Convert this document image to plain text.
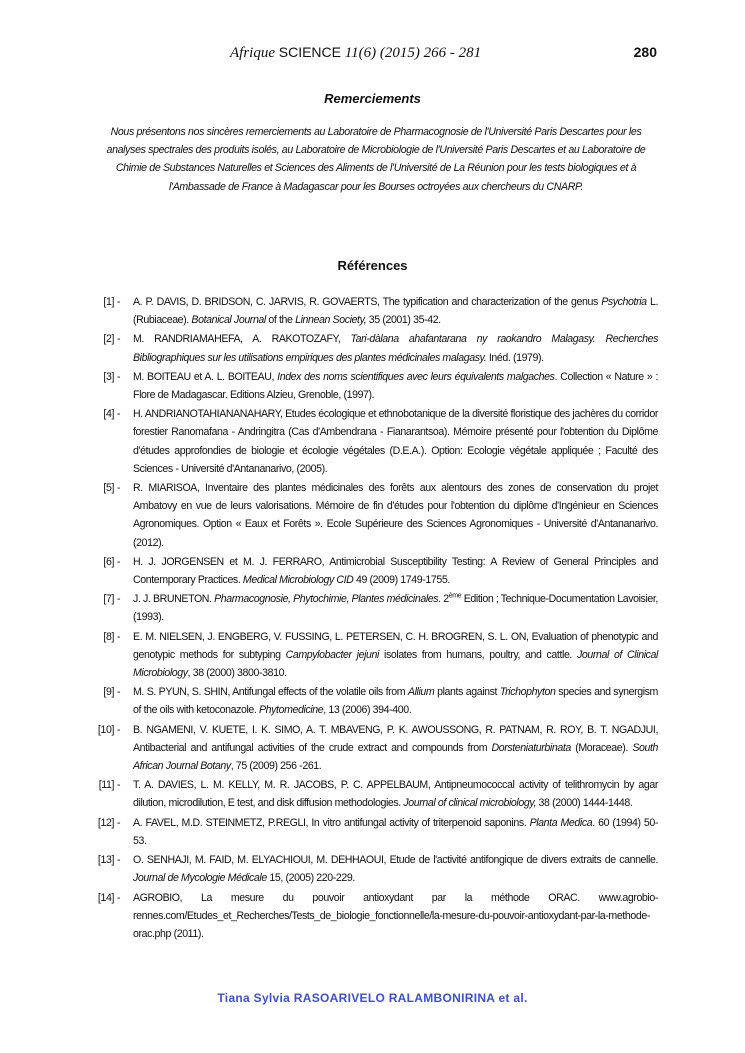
Afrique SCIENCE 11(6) (2015) 266 - 281	280
Remerciements
Nous présentons nos sincères remerciements au Laboratoire de Pharmacognosie de l'Université Paris Descartes pour les analyses spectrales des produits isolés, au Laboratoire de Microbiologie de l'Université Paris Descartes et au Laboratoire de Chimie de Substances Naturelles et Sciences des Aliments de l'Université de La Réunion pour les tests biologiques et à l'Ambassade de France à Madagascar pour les Bourses octroyées aux chercheurs du CNARP.
Références
[1] - A. P. DAVIS, D. BRIDSON, C. JARVIS, R. GOVAERTS, The typification and characterization of the genus Psychotria L. (Rubiaceae). Botanical Journal of the Linnean Society, 35 (2001) 35-42.
[2] - M. RANDRIAMAHEFA, A. RAKOTOZAFY, Tari-dàlana ahafantarana ny raokandro Malagasy. Recherches Bibliographiques sur les utilisations empiriques des plantes médicinales malagasy. Inéd. (1979).
[3] - M. BOITEAU et A. L. BOITEAU, Index des noms scientifiques avec leurs équivalents malgaches. Collection « Nature » : Flore de Madagascar. Editions Alzieu, Grenoble, (1997).
[4] - H. ANDRIANOTAHIANANAHARY, Etudes écologique et ethnobotanique de la diversité floristique des jachères du corridor forestier Ranomafana - Andringitra (Cas d'Ambendrana - Fianarantsoa). Mémoire présenté pour l'obtention du Diplôme d'études approfondies de biologie et écologie végétales (D.E.A.). Option: Ecologie végétale appliquée ; Faculté des Sciences - Université d'Antananarivo, (2005).
[5] - R. MIARISOA, Inventaire des plantes médicinales des forêts aux alentours des zones de conservation du projet Ambatovy en vue de leurs valorisations. Mémoire de fin d'études pour l'obtention du diplôme d'Ingénieur en Sciences Agronomiques. Option « Eaux et Forêts ». Ecole Supérieure des Sciences Agronomiques - Université d'Antananarivo. (2012).
[6] - H. J. JORGENSEN et M. J. FERRARO, Antimicrobial Susceptibility Testing: A Review of General Principles and Contemporary Practices. Medical Microbiology CID 49 (2009) 1749-1755.
[7] - J. J. BRUNETON. Pharmacognosie, Phytochimie, Plantes médicinales. 2ème Edition ; Technique-Documentation Lavoisier, (1993).
[8] - E. M. NIELSEN, J. ENGBERG, V. FUSSING, L. PETERSEN, C. H. BROGREN, S. L. ON, Evaluation of phenotypic and genotypic methods for subtyping Campylobacter jejuni isolates from humans, poultry, and cattle. Journal of Clinical Microbiology, 38 (2000) 3800-3810.
[9] - M. S. PYUN, S. SHIN, Antifungal effects of the volatile oils from Allium plants against Trichophyton species and synergism of the oils with ketoconazole. Phytomedicine, 13 (2006) 394-400.
[10] - B. NGAMENI, V. KUETE, I. K. SIMO, A. T. MBAVENG, P. K. AWOUSSONG, R. PATNAM, R. ROY, B. T. NGADJUI, Antibacterial and antifungal activities of the crude extract and compounds from Dorsteniaturbinata (Moraceae). South African Journal Botany, 75 (2009) 256 -261.
[11] - T. A. DAVIES, L. M. KELLY, M. R. JACOBS, P. C. APPELBAUM, Antipneumococcal activity of telithromycin by agar dilution, microdilution, E test, and disk diffusion methodologies. Journal of clinical microbiology, 38 (2000) 1444-1448.
[12] - A. FAVEL, M.D. STEINMETZ, P.REGLI, In vitro antifungal activity of triterpenoid saponins. Planta Medica. 60 (1994) 50-53.
[13] - O. SENHAJI, M. FAID, M. ELYACHIOUI, M. DEHHAOUI, Etude de l'activité antifongique de divers extraits de cannelle. Journal de Mycologie Médicale 15, (2005) 220-229.
[14] - AGROBIO, La mesure du pouvoir antioxydant par la méthode ORAC. www.agrobio-rennes.com/Etudes_et_Recherches/Tests_de_biologie_fonctionnelle/la-mesure-du-pouvoir-antioxydant-par-la-methode-orac.php (2011).
Tiana Sylvia RASOARIVELO RALAMBONIRINA et al.
